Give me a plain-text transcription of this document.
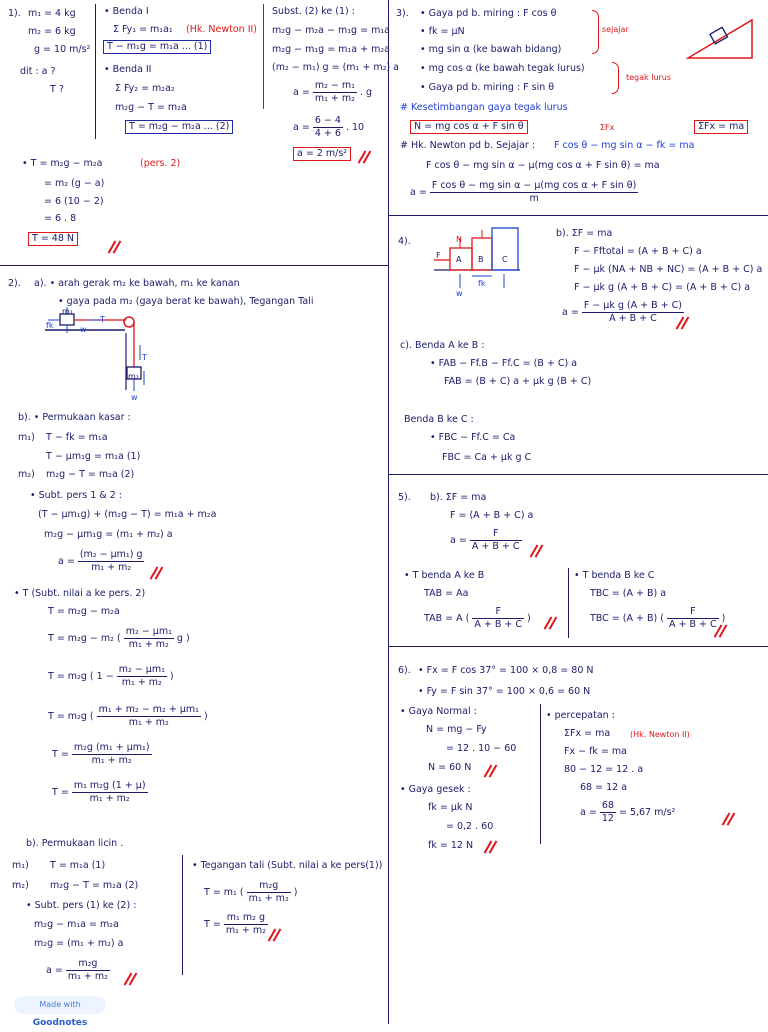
1). m₁ = 4 kg
m₂ = 6 kg
g = 10 m/s²
dit : a ?
T ?
• Benda I
Σ Fy₁ = m₁a₁ (Hk. Newton II)
T − m₁g = m₁a ... (1)
• Benda II
Σ Fy₂ = m₂a₂
m₂g − T = m₂a
T = m₂g − m₂a ... (2)
Subst. (2) ke (1) :
m₂g − m₂a − m₁g = m₁a
m₂g − m₁g = m₁a + m₂a
(m₂ − m₁) g = (m₁ + m₂) a
$a = \frac{\text{m₂ − m₁}}{\text{m₁ + m₂}}$ . g
$a = \frac{6 - 4}{4 + 6}$ . 10
a = 2 m/s²
• T = m₂g − m₂a	(pers. 2)
= m₂ (g − a)
= 6 (10 − 2)
= 6 . 8
T = 48 N
2). a). • arah gerak m₂ ke bawah, m₁ ke kanan
• gaya pada m₂ (gaya berat ke bawah), Tegangan Tali
fk
m₁
T
w
T
m₂
w
b). • Permukaan kasar :
m₁) T − fk = m₁a
T − μm₁g = m₁a (1)
m₂) m₂g − T = m₂a (2)
• Subt. pers 1 & 2 :
(T − μm₁g) + (m₂g − T) = m₁a + m₂a
m₂g − μm₁g = (m₁ + m₂) a
$a = \frac{\text{(m₂ − μm₁) g}}{\text{m₁ + m₂}}$
• T (Subt. nilai a ke pers. 2)
T = m₂g − m₂a
T = m₂g − m₂ ( $\frac{\text{m₂ − μm₁}}{\text{m₁ + m₂}}$ g )
T = m₂g ( $1 - \frac{\text{m₂ − μm₁}}{\text{m₁ + m₂}}$ )
T = m₂g ( $\frac{\text{m₁ + m₂ − m₂ + μm₁}}{\text{m₁ + m₂}}$ )
$T = \frac{\text{m₂g (m₁ + μm₁)}}{\text{m₁ + m₂}}$
$T = \frac{\text{m₁ m₂g (1 + μ)}}{\text{m₁ + m₂}}$
b). Permukaan licin .
m₁) T = m₁a (1)
m₂) m₂g − T = m₂a (2)
• Subt. pers (1) ke (2) :
m₂g − m₁a = m₂a
m₂g = (m₁ + m₂) a
$a = \frac{\text{m₂g}}{\text{m₁ + m₂}}$
• Tegangan tali (Subt. nilai a ke pers(1))
T = m₁ ( $\frac{\text{m₂g}}{\text{m₁ + m₂}}$ )
$T = \frac{\text{m₁ m₂ g}}{\text{m₁ + m₂}}$
3). • Gaya pd b. miring : F cos θ
• fk = μN
• mg sin α (ke bawah bidang)
• mg cos α (ke bawah tegak lurus)
• Gaya pd b. miring : F sin θ
sejajar
tegak lurus
# Kesetimbangan gaya tegak lurus
N = mg cos α + F sin θ	ΣFx	ΣFx = ma
# Hk. Newton pd b. Sejajar : F cos θ − mg sin α − fk = ma
F cos θ − mg sin α − μ(mg cos α + F sin θ) = ma
$a = \frac{\text{F cos θ − mg sin α − μ(mg cos α + F sin θ)}}{m}$
4).
A B C
F
N
w
fk
b). ΣF = ma
F − Fftotal = (A + B + C) a
F − μk (NA + NB + NC) = (A + B + C) a
F − μk g (A + B + C) = (A + B + C) a
$a = \frac{\text{F − μk g (A + B + C)}}{A + B + C}$
c). Benda A ke B :
• FAB − Ff.B − Ff.C = (B + C) a
FAB = (B + C) a + μk g (B + C)
Benda B ke C :
• FBC − Ff.C = Ca
FBC = Ca + μk g C
5). b). ΣF = ma
F = (A + B + C) a
$a = \frac{F}{A + B + C}$
• T benda A ke B
TAB = Aa
TAB = A ( $\frac{F}{A + B + C}$ )
• T benda B ke C
TBC = (A + B) a
TBC = (A + B) ( $\frac{F}{A + B + C}$ )
6). • Fx = F cos 37° = 100 × 0,8 = 80 N
• Fy = F sin 37° = 100 × 0,6 = 60 N
• Gaya Normal :
N = mg − Fy
= 12 . 10 − 60
N = 60 N
• Gaya gesek :
fk = μk N
= 0,2 . 60
fk = 12 N
• percepatan :
ΣFx = ma (Hk. Newton II)
Fx − fk = ma
80 − 12 = 12 . a
68 = 12 a
$a = \frac{68}{12} = 5,67$ m/s²
Made with Goodnotes
